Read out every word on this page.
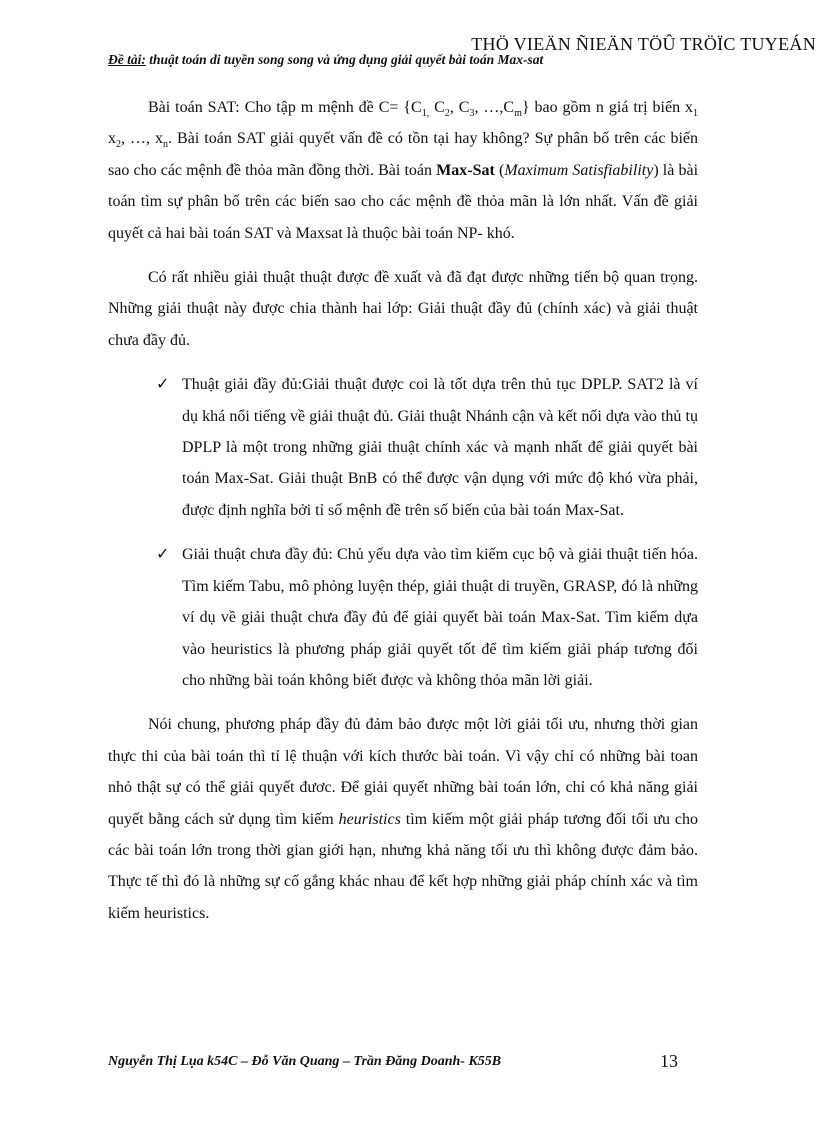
THÖ VIEÄN ÑIEÄN TÖÛ TRÖÏC TUYEÁN
Đề tài: thuật toán di tuyền song song và ứng dụng giải quyết bài toán Max-sat

Bài toán SAT: Cho tập m mệnh đề $C= \{C_{1,}$ $C_2$, $C_3$, $\dots,C_m$} bao gồm n giá trị biến $x_1$ $x_2$, …, $x_n$. Bài toán SAT giải quyết vấn đề có tồn tại hay không? Sự phân bố trên các biến sao cho các mệnh đề thỏa mãn đồng thời. Bài toán Max-Sat (Maximum Satisfiability) là bài toán tìm sự phân bố trên các biến sao cho các mệnh đề thỏa mãn là lớn nhất. Vấn đề giải quyết cả hai bài toán SAT và Maxsat là thuộc bài toán NP- khó.

Có rất nhiều giải thuật thuật được đề xuất và đã đạt được những tiến bộ quan trọng. Những giải thuật này được chia thành hai lớp: Giải thuật đầy đủ (chính xác) và giải thuật chưa đầy đủ.

✓ Thuật giải đầy đủ:Giải thuật được coi là tốt dựa trên thủ tục DPLP. SAT2 là ví dụ khá nổi tiếng về giải thuật đủ. Giải thuật Nhánh cận và kết nối dựa vào thủ tụ DPLP là một trong những giải thuật chính xác và mạnh nhất để giải quyết bài toán Max-Sat. Giải thuật BnB có thể được vận dụng với mức độ khó vừa phải, được định nghĩa bởi tỉ số mệnh đề trên số biến của bài toán Max-Sat.
✓ Giải thuật chưa đầy đủ: Chủ yếu dựa vào tìm kiếm cục bộ và giải thuật tiến hóa. Tìm kiếm Tabu, mô phỏng luyện thép, giải thuật di truyền, GRASP, đó là những ví dụ về giải thuật chưa đầy đủ để giải quyết bài toán Max-Sat. Tìm kiếm dựa vào heuristics là phương pháp giải quyết tốt để tìm kiếm giải pháp tương đối cho những bài toán không biết được và không thỏa mãn lời giải.

Nói chung, phương pháp đầy đủ đảm bảo được một lời giải tối ưu, nhưng thời gian thực thi của bài toán thì tỉ lệ thuận với kích thước bài toán. Vì vậy chỉ có những bài toan nhỏ thật sự có thể giải quyết đươc. Để giải quyết những bài toán lớn, chỉ có khả năng giải quyết bằng cách sử dụng tìm kiếm heuristics tìm kiếm một giải pháp tương đối tối ưu cho các bài toán lớn trong thời gian giới hạn, nhưng khả năng tối ưu thì không được đảm bảo. Thực tế thì đó là những sự cố gắng khác nhau để kết hợp những giải pháp chính xác và tìm kiếm heuristics.

Nguyễn Thị Lụa k54C – Đỗ Văn Quang – Trần Đăng Doanh- K55B	13
